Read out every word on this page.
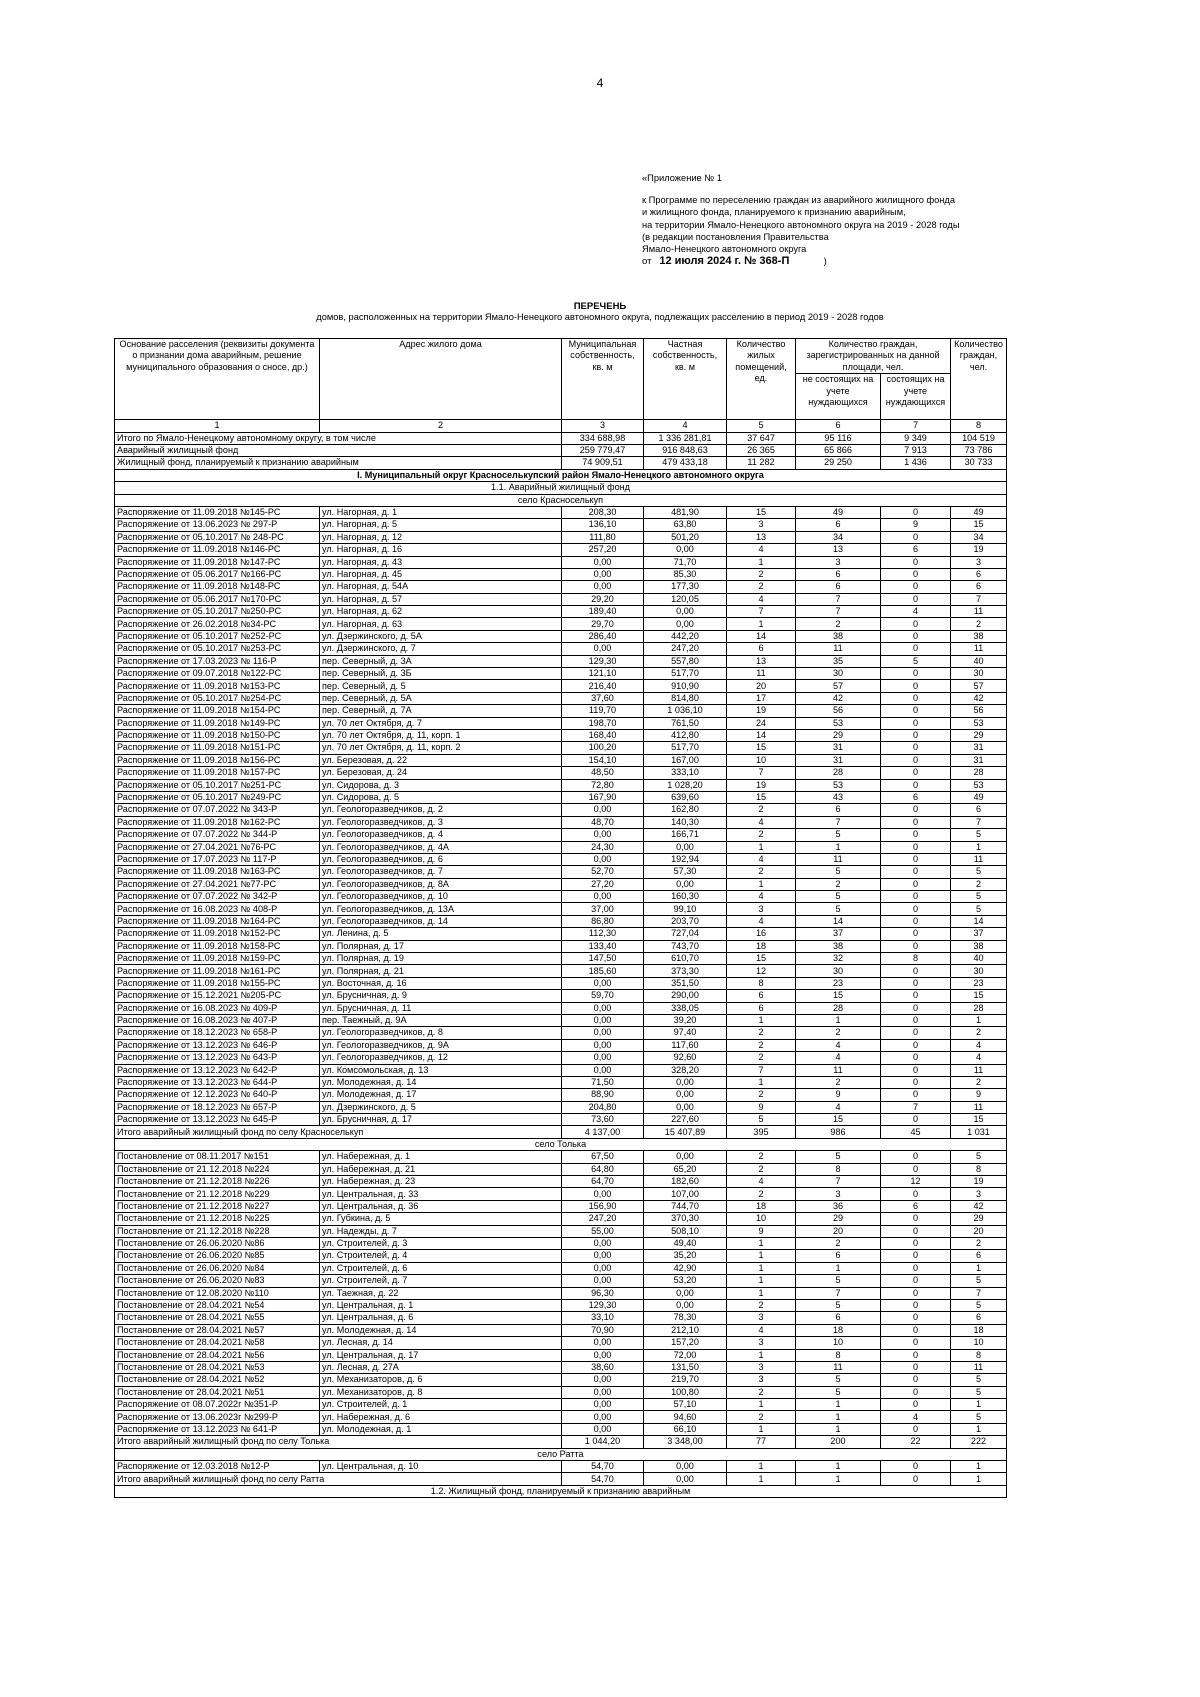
4
«Приложение № 1
к Программе по переселению граждан из аварийного жилищного фонда
и жилищного фонда, планируемого к признанию аварийным,
на территории Ямало-Ненецкого автономного округа на 2019 - 2028 годы
(в редакции постановления Правительства
Ямало-Ненецкого автономного округа
от 12 июля 2024 г. № 368-П	)
ПЕРЕЧЕНЬ
домов, расположенных на территории Ямало-Ненецкого автономного округа, подлежащих расселению в период 2019 - 2028 годов
Основание расселения (реквизиты документа о признании дома аварийным, решение муниципального образования о сносе, др.)	Адрес жилого дома	Муниципальная собственность, кв. м	Частная собственность, кв. м	Количество жилых помещений, ед.	Количество граждан, зарегистрированных на данной площади, чел.		Количество граждан, чел.
					не состоящих на учете нуждающихся	состоящих на учете нуждающихся	
1	2	3	4	5	6	7	8
Итого по Ямало-Ненецкому автономному округу, в том числе		334 688,98	1 336 281,81	37 647	95 116	9 349	104 519
Аварийный жилищный фонд		259 779,47	916 848,63	26 365	65 866	7 913	73 786
Жилищный фонд, планируемый к признанию аварийным		74 909,51	479 433,18	11 282	29 250	1 436	30 733
I. Муниципальный округ Красноселькупский район Ямало-Ненецкого автономного округа							
1.1. Аварийный жилищный фонд							
село Красноселькуп							
Распоряжение от 11.09.2018 №145-РС	ул. Нагорная, д. 1	208,30	481,90	15	49	0	49
Распоряжение от 13.06.2023 № 297-Р	ул. Нагорная, д. 5	136,10	63,80	3	6	9	15
Распоряжение от 05.10.2017 № 248-РС	ул. Нагорная, д. 12	111,80	501,20	13	34	0	34
Распоряжение от 11.09.2018 №146-РС	ул. Нагорная, д. 16	257,20	0,00	4	13	6	19
Распоряжение от 11.09.2018 №147-РС	ул. Нагорная, д. 43	0,00	71,70	1	3	0	3
Распоряжение от 05.06.2017 №166-РС	ул. Нагорная, д. 45	0,00	85,30	2	6	0	6
Распоряжение от 11.09.2018 №148-РС	ул. Нагорная, д. 54А	0,00	177,30	2	6	0	6
Распоряжение от 05.06.2017 №170-РС	ул. Нагорная, д. 57	29,20	120,05	4	7	0	7
Распоряжение от 05.10.2017 №250-РС	ул. Нагорная, д. 62	189,40	0,00	7	7	4	11
Распоряжение от 26.02.2018 №34-РС	ул. Нагорная, д. 63	29,70	0,00	1	2	0	2
Распоряжение от 05.10.2017 №252-РС	ул. Дзержинского, д. 5А	286,40	442,20	14	38	0	38
Распоряжение от 05.10.2017 №253-РС	ул. Дзержинского, д. 7	0,00	247,20	6	11	0	11
Распоряжение от 17.03.2023 № 116-Р	пер. Северный, д. 3А	129,30	557,80	13	35	5	40
Распоряжение от 09.07.2018 №122-РС	пер. Северный, д. 3Б	121,10	517,70	11	30	0	30
Распоряжение от 11.09.2018 №153-РС	пер. Северный, д. 5	216,40	910,90	20	57	0	57
Распоряжение от 05.10.2017 №254-РС	пер. Северный, д. 5А	37,60	814,80	17	42	0	42
Распоряжение от 11.09.2018 №154-РС	пер. Северный, д. 7А	119,70	1 036,10	19	56	0	56
Распоряжение от 11.09.2018 №149-РС	ул. 70 лет Октября, д. 7	198,70	761,50	24	53	0	53
Распоряжение от 11.09.2018 №150-РС	ул. 70 лет Октября, д. 11, корп. 1	168,40	412,80	14	29	0	29
Распоряжение от 11.09.2018 №151-РС	ул. 70 лет Октября, д. 11, корп. 2	100,20	517,70	15	31	0	31
Распоряжение от 11.09.2018 №156-РС	ул. Березовая, д. 22	154,10	167,00	10	31	0	31
Распоряжение от 11.09.2018 №157-РС	ул. Березовая, д. 24	48,50	333,10	7	28	0	28
Распоряжение от 05.10.2017 №251-РС	ул. Сидорова, д. 3	72,80	1 028,20	19	53	0	53
Распоряжение от 05.10.2017 №249-РС	ул. Сидорова, д. 5	167,90	639,60	15	43	6	49
Распоряжение от 07.07.2022 № 343-Р	ул. Геологоразведчиков, д. 2	0,00	162,80	2	6	0	6
Распоряжение от 11.09.2018 №162-РС	ул. Геологоразведчиков, д. 3	48,70	140,30	4	7	0	7
Распоряжение от 07.07.2022 № 344-Р	ул. Геологоразведчиков, д. 4	0,00	166,71	2	5	0	5
Распоряжение от 27.04.2021 №76-РС	ул. Геологоразведчиков, д. 4А	24,30	0,00	1	1	0	1
Распоряжение от 17.07.2023 № 117-Р	ул. Геологоразведчиков, д. 6	0,00	192,94	4	11	0	11
Распоряжение от 11.09.2018 №163-РС	ул. Геологоразведчиков, д. 7	52,70	57,30	2	5	0	5
Распоряжение от 27.04.2021 №77-РС	ул. Геологоразведчиков, д. 8А	27,20	0,00	1	2	0	2
Распоряжение от 07.07.2022 № 342-Р	ул. Геологоразведчиков, д. 10	0,00	160,30	4	5	0	5
Распоряжение от 16.08.2023 № 408-Р	ул. Геологоразведчиков, д. 13А	37,00	99,10	3	5	0	5
Распоряжение от 11.09.2018 №164-РС	ул. Геологоразведчиков, д. 14	86,80	203,70	4	14	0	14
Распоряжение от 11.09.2018 №152-РС	ул. Ленина, д. 5	112,30	727,04	16	37	0	37
Распоряжение от 11.09.2018 №158-РС	ул. Полярная, д. 17	133,40	743,70	18	38	0	38
Распоряжение от 11.09.2018 №159-РС	ул. Полярная, д. 19	147,50	610,70	15	32	8	40
Распоряжение от 11.09.2018 №161-РС	ул. Полярная, д. 21	185,60	373,30	12	30	0	30
Распоряжение от 11.09.2018 №155-РС	ул. Восточная, д. 16	0,00	351,50	8	23	0	23
Распоряжение от 15.12.2021 №205-РС	ул. Брусничная, д. 9	59,70	290,00	6	15	0	15
Распоряжение от 16.08.2023 № 409-Р	ул. Брусничная, д. 11	0,00	338,05	6	28	0	28
Распоряжение от 16.08.2023 № 407-Р	пер. Таежный, д. 9А	0,00	39,20	1	1	0	1
Распоряжение от 18.12.2023 № 658-Р	ул. Геологоразведчиков, д. 8	0,00	97,40	2	2	0	2
Распоряжение от 13.12.2023 № 646-Р	ул. Геологоразведчиков, д. 9А	0,00	117,60	2	4	0	4
Распоряжение от 13.12.2023 № 643-Р	ул. Геологоразведчиков, д. 12	0,00	92,60	2	4	0	4
Распоряжение от 13.12.2023 № 642-Р	ул. Комсомольская, д. 13	0,00	328,20	7	11	0	11
Распоряжение от 13.12.2023 № 644-Р	ул. Молодежная, д. 14	71,50	0,00	1	2	0	2
Распоряжение от 12.12.2023 № 640-Р	ул. Молодежная, д. 17	88,90	0,00	2	9	0	9
Распоряжение от 18.12.2023 № 657-Р	ул. Дзержинского, д. 5	204,80	0,00	9	4	7	11
Распоряжение от 13.12.2023 № 645-Р	ул. Брусничная, д. 17	73,60	227,60	5	15	0	15
Итого аварийный жилищный фонд по селу Красноселькуп		4 137,00	15 407,89	395	986	45	1 031
село Толька							
Постановление от 08.11.2017 №151	ул. Набережная, д. 1	67,50	0,00	2	5	0	5
Постановление от 21.12.2018 №224	ул. Набережная, д. 21	64,80	65,20	2	8	0	8
Постановление от 21.12.2018 №226	ул. Набережная, д. 23	64,70	182,60	4	7	12	19
Постановление от 21.12.2018 №229	ул. Центральная, д. 33	0,00	107,00	2	3	0	3
Постановление от 21.12.2018 №227	ул. Центральная, д. 36	156,90	744,70	18	36	6	42
Постановление от 21.12.2018 №225	ул. Губкина, д. 5	247,20	370,30	10	29	0	29
Постановление от 21.12.2018 №228	ул. Надежды, д. 7	55,00	508,10	9	20	0	20
Постановление от 26.06.2020 №86	ул. Строителей, д. 3	0,00	49,40	1	2	0	2
Постановление от 26.06.2020 №85	ул. Строителей, д. 4	0,00	35,20	1	6	0	6
Постановление от 26.06.2020 №84	ул. Строителей, д. 6	0,00	42,90	1	1	0	1
Постановление от 26.06.2020 №83	ул. Строителей, д. 7	0,00	53,20	1	5	0	5
Постановление от 12.08.2020 №110	ул. Таежная, д. 22	96,30	0,00	1	7	0	7
Постановление от 28.04.2021 №54	ул. Центральная, д. 1	129,30	0,00	2	5	0	5
Постановление от 28.04.2021 №55	ул. Центральная, д. 6	33,10	78,30	3	6	0	6
Постановление от 28.04.2021 №57	ул. Молодежная, д. 14	70,90	212,10	4	18	0	18
Постановление от 28.04.2021 №58	ул. Лесная, д. 14	0,00	157,20	3	10	0	10
Постановление от 28.04.2021 №56	ул. Центральная, д. 17	0,00	72,00	1	8	0	8
Постановление от 28.04.2021 №53	ул. Лесная, д. 27А	38,60	131,50	3	11	0	11
Постановление от 28.04.2021 №52	ул. Механизаторов, д. 6	0,00	219,70	3	5	0	5
Постановление от 28.04.2021 №51	ул. Механизаторов, д. 8	0,00	100,80	2	5	0	5
Распоряжение от 08.07.2022г №351-Р	ул. Строителей, д. 1	0,00	57,10	1	1	0	1
Распоряжение от 13.06.2023г №299-Р	ул. Набережная, д. 6	0,00	94,60	2	1	4	5
Распоряжение от 13.12.2023 № 641-Р	ул. Молодежная, д. 1	0,00	66,10	1	1	0	1
Итого аварийный жилищный фонд по селу Толька		1 044,20	3 348,00	77	200	22	222
село Ратта							
Распоряжение от 12.03.2018 №12-Р	ул. Центральная, д. 10	54,70	0,00	1	1	0	1
Итого аварийный жилищный фонд по селу Ратта		54,70	0,00	1	1	0	1
1.2. Жилищный фонд, планируемый к признанию аварийным							
